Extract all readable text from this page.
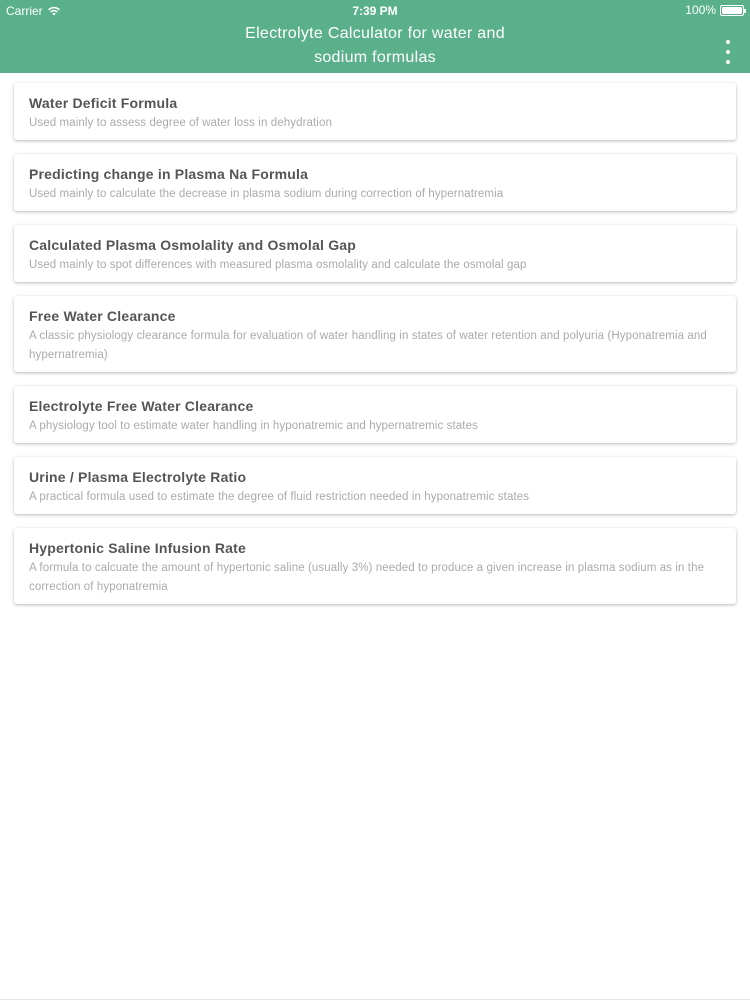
Carrier	7:39 PM	100%
Electrolyte Calculator for water and
sodium formulas
Water Deficit Formula
Used mainly to assess degree of water loss in dehydration
Predicting change in Plasma Na Formula
Used mainly to calculate the decrease in plasma sodium during correction of hypernatremia
Calculated Plasma Osmolality and Osmolal Gap
Used mainly to spot differences with measured plasma osmolality and calculate the osmolal gap
Free Water Clearance
A classic physiology clearance formula for evaluation of water handling in states of water retention and polyuria (Hyponatremia and hypernatremia)
Electrolyte Free Water Clearance
A physiology tool to estimate water handling in hyponatremic and hypernatremic states
Urine / Plasma Electrolyte Ratio
A practical formula used to estimate the degree of fluid restriction needed in hyponatremic states
Hypertonic Saline Infusion Rate
A formula to calcuate the amount of hypertonic saline (usually 3%) needed to produce a given increase in plasma sodium as in the correction of hyponatremia
